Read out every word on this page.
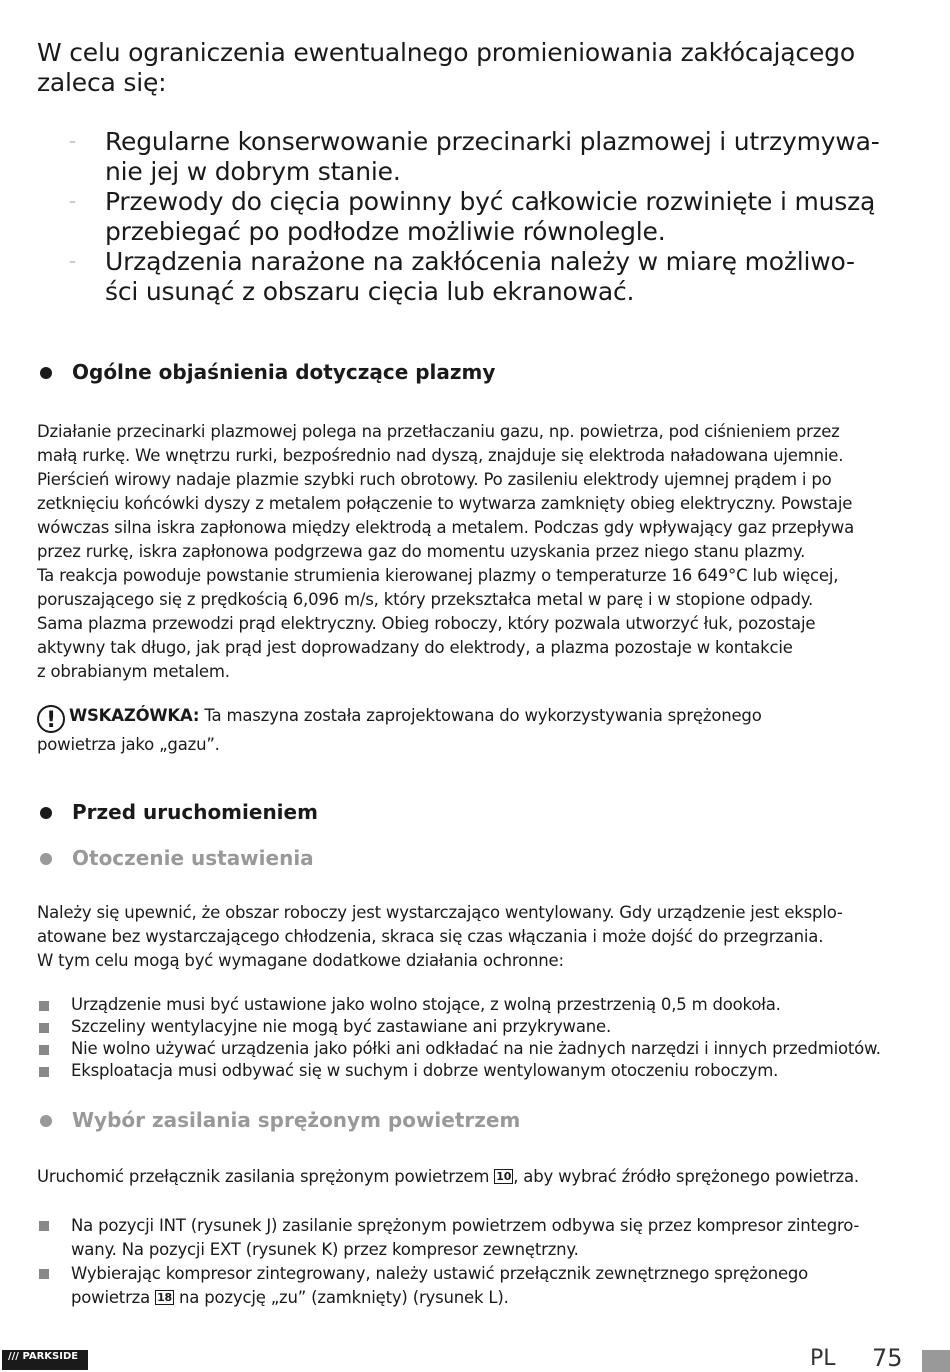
W celu ograniczenia ewentualnego promieniowania zakłócającego
zaleca się:
– Regularne konserwowanie przecinarki plazmowej i utrzymywa-
nie jej w dobrym stanie.
– Przewody do cięcia powinny być całkowicie rozwinięte i muszą
przebiegać po podłodze możliwie równolegle.
– Urządzenia narażone na zakłócenia należy w miarę możliwo-
ści usunąć z obszaru cięcia lub ekranować.
Ogólne objaśnienia dotyczące plazmy
Działanie przecinarki plazmowej polega na przetłaczaniu gazu, np. powietrza, pod ciśnieniem przez
małą rurkę. We wnętrzu rurki, bezpośrednio nad dyszą, znajduje się elektroda naładowana ujemnie.
Pierścień wirowy nadaje plazmie szybki ruch obrotowy. Po zasileniu elektrody ujemnej prądem i po
zetknięciu końcówki dyszy z metalem połączenie to wytwarza zamknięty obieg elektryczny. Powstaje
wówczas silna iskra zapłonowa między elektrodą a metalem. Podczas gdy wpływający gaz przepływa
przez rurkę, iskra zapłonowa podgrzewa gaz do momentu uzyskania przez niego stanu plazmy.
Ta reakcja powoduje powstanie strumienia kierowanej plazmy o temperaturze 16 649°C lub więcej,
poruszającego się z prędkością 6,096 m/s, który przekształca metal w parę i w stopione odpady.
Sama plazma przewodzi prąd elektryczny. Obieg roboczy, który pozwala utworzyć łuk, pozostaje
aktywny tak długo, jak prąd jest doprowadzany do elektrody, a plazma pozostaje w kontakcie
z obrabianym metalem.
! WSKAZÓWKA: Ta maszyna została zaprojektowana do wykorzystywania sprężonego
powietrza jako „gazu”.
Przed uruchomieniem
Otoczenie ustawienia
Należy się upewnić, że obszar roboczy jest wystarczająco wentylowany. Gdy urządzenie jest eksplo-
atowane bez wystarczającego chłodzenia, skraca się czas włączania i może dojść do przegrzania.
W tym celu mogą być wymagane dodatkowe działania ochronne:
Urządzenie musi być ustawione jako wolno stojące, z wolną przestrzenią 0,5 m dookoła.
Szczeliny wentylacyjne nie mogą być zastawiane ani przykrywane.
Nie wolno używać urządzenia jako półki ani odkładać na nie żadnych narzędzi i innych przedmiotów.
Eksploatacja musi odbywać się w suchym i dobrze wentylowanym otoczeniu roboczym.
Wybór zasilania sprężonym powietrzem
Uruchomić przełącznik zasilania sprężonym powietrzem 10 , aby wybrać źródło sprężonego powietrza.
Na pozycji INT (rysunek J) zasilanie sprężonym powietrzem odbywa się przez kompresor zintegro-
wany. Na pozycji EXT (rysunek K) przez kompresor zewnętrzny.
Wybierając kompresor zintegrowany, należy ustawić przełącznik zewnętrznego sprężonego
powietrza 18 na pozycję „zu” (zamknięty) (rysunek L).
/// PARKSIDE	PL 75
